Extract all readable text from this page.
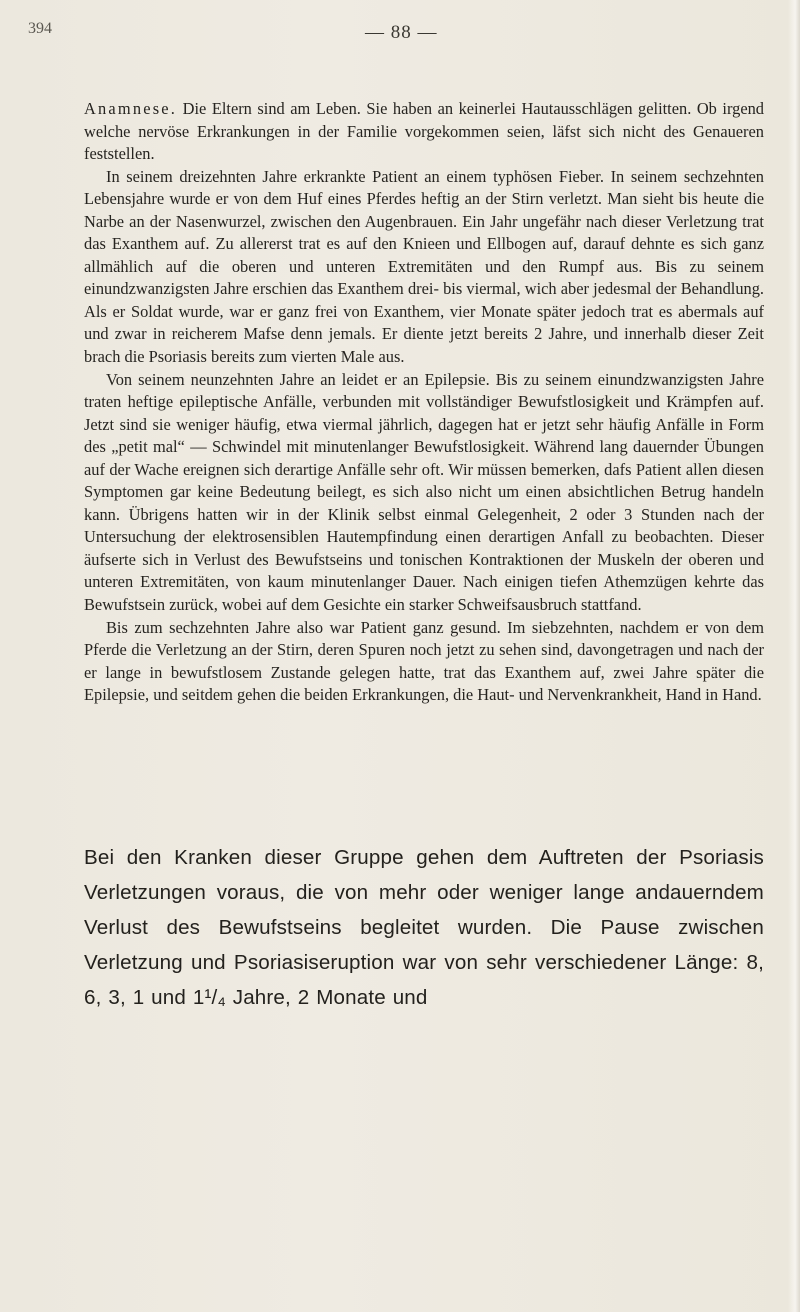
394	— 88 —

Anamnese. Die Eltern sind am Leben. Sie haben an keinerlei Hautausschlägen gelitten. Ob irgend welche nervöse Erkrankungen in der Familie vorgekommen seien, läfst sich nicht des Genaueren feststellen.

In seinem dreizehnten Jahre erkrankte Patient an einem typhösen Fieber. In seinem sechzehnten Lebensjahre wurde er von dem Huf eines Pferdes heftig an der Stirn verletzt. Man sieht bis heute die Narbe an der Nasenwurzel, zwischen den Augenbrauen. Ein Jahr ungefähr nach dieser Verletzung trat das Exanthem auf. Zu allererst trat es auf den Knieen und Ellbogen auf, darauf dehnte es sich ganz allmählich auf die oberen und unteren Extremitäten und den Rumpf aus. Bis zu seinem einundzwanzigsten Jahre erschien das Exanthem drei- bis viermal, wich aber jedesmal der Behandlung. Als er Soldat wurde, war er ganz frei von Exanthem, vier Monate später jedoch trat es abermals auf und zwar in reicherem Mafse denn jemals. Er diente jetzt bereits 2 Jahre, und innerhalb dieser Zeit brach die Psoriasis bereits zum vierten Male aus.

Von seinem neunzehnten Jahre an leidet er an Epilepsie. Bis zu seinem einundzwanzigsten Jahre traten heftige epileptische Anfälle, verbunden mit vollständiger Bewufstlosigkeit und Krämpfen auf. Jetzt sind sie weniger häufig, etwa viermal jährlich, dagegen hat er jetzt sehr häufig Anfälle in Form des „petit mal“ — Schwindel mit minutenlanger Bewufstlosigkeit. Während lang dauernder Übungen auf der Wache ereignen sich derartige Anfälle sehr oft. Wir müssen bemerken, dafs Patient allen diesen Symptomen gar keine Bedeutung beilegt, es sich also nicht um einen absichtlichen Betrug handeln kann. Übrigens hatten wir in der Klinik selbst einmal Gelegenheit, 2 oder 3 Stunden nach der Untersuchung der elektrosensiblen Hautempfindung einen derartigen Anfall zu beobachten. Dieser äufserte sich in Verlust des Bewufstseins und tonischen Kontraktionen der Muskeln der oberen und unteren Extremitäten, von kaum minutenlanger Dauer. Nach einigen tiefen Athemzügen kehrte das Bewufstsein zurück, wobei auf dem Gesichte ein starker Schweifsausbruch stattfand.

Bis zum sechzehnten Jahre also war Patient ganz gesund. Im siebzehnten, nachdem er von dem Pferde die Verletzung an der Stirn, deren Spuren noch jetzt zu sehen sind, davongetragen und nach der er lange in bewufstlosem Zustande gelegen hatte, trat das Exanthem auf, zwei Jahre später die Epilepsie, und seitdem gehen die beiden Erkrankungen, die Haut- und Nervenkrankheit, Hand in Hand.

Bei den Kranken dieser Gruppe gehen dem Auftreten der Psoriasis Verletzungen voraus, die von mehr oder weniger lange andauerndem Verlust des Bewufstseins begleitet wurden. Die Pause zwischen Verletzung und Psoriasiseruption war von sehr verschiedener Länge: 8, 6, 3, 1 und 1¹/₄ Jahre, 2 Monate und
